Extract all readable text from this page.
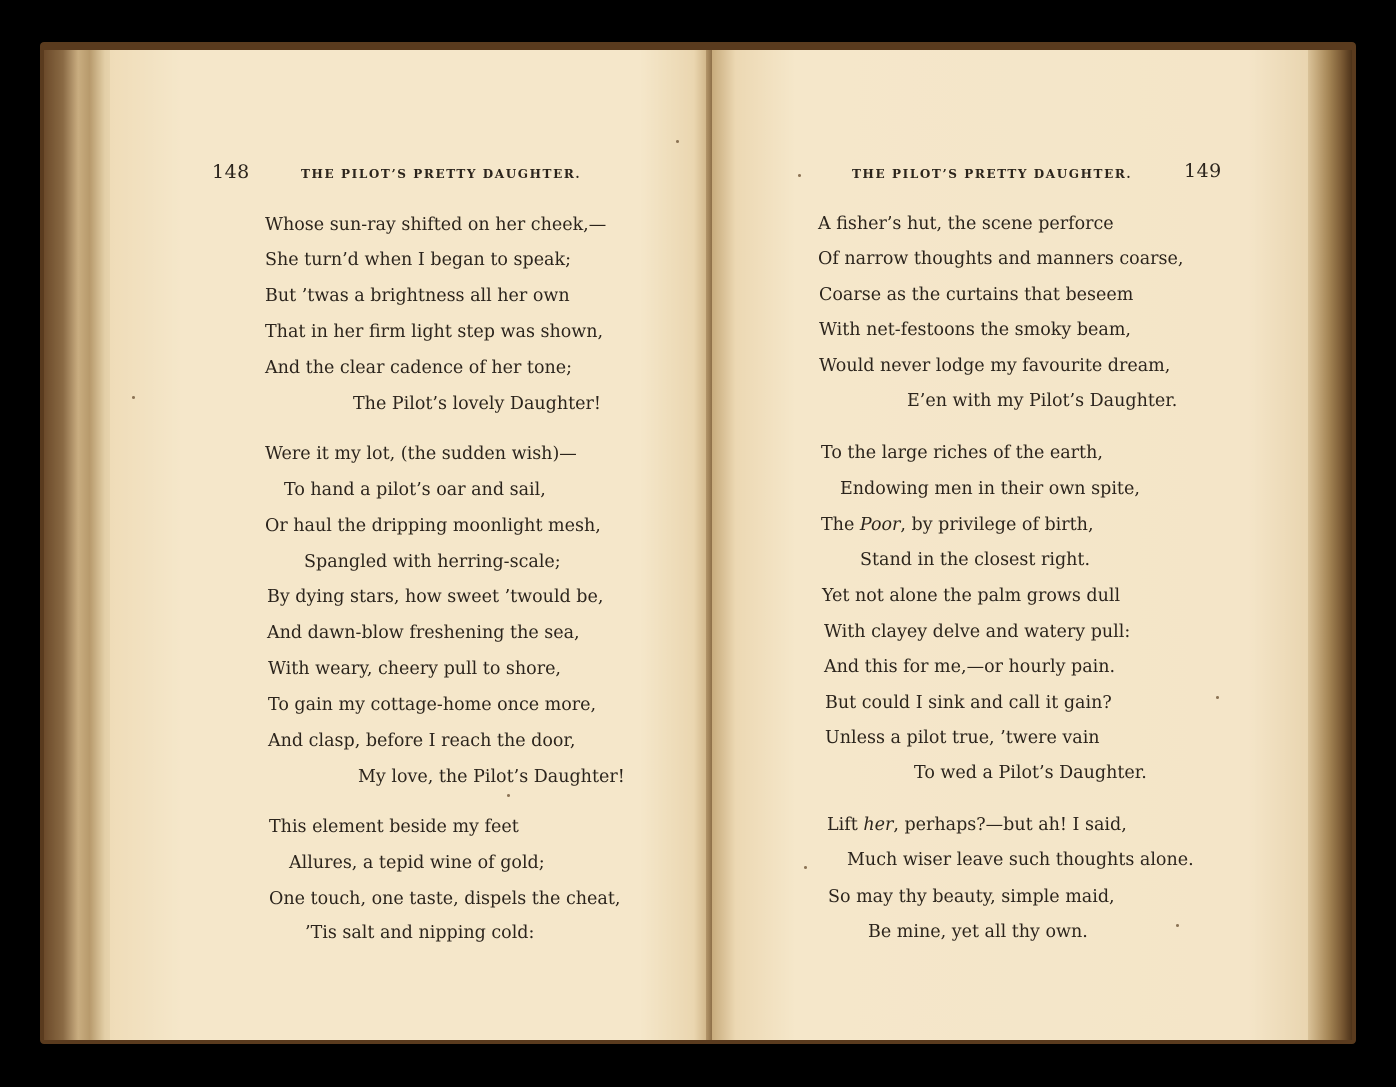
148	THE PILOT’S PRETTY DAUGHTER.
Whose sun-ray shifted on her cheek,—
She turn’d when I began to speak;
But ’twas a brightness all her own
That in her firm light step was shown,
And the clear cadence of her tone;
The Pilot’s lovely Daughter!
Were it my lot, (the sudden wish)—
To hand a pilot’s oar and sail,
Or haul the dripping moonlight mesh,
Spangled with herring-scale;
By dying stars, how sweet ’twould be,
And dawn-blow freshening the sea,
With weary, cheery pull to shore,
To gain my cottage-home once more,
And clasp, before I reach the door,
My love, the Pilot’s Daughter!
This element beside my feet
Allures, a tepid wine of gold;
One touch, one taste, dispels the cheat,
’Tis salt and nipping cold:
THE PILOT’S PRETTY DAUGHTER.	149
A fisher’s hut, the scene perforce
Of narrow thoughts and manners coarse,
Coarse as the curtains that beseem
With net-festoons the smoky beam,
Would never lodge my favourite dream,
E’en with my Pilot’s Daughter.
To the large riches of the earth,
Endowing men in their own spite,
The Poor, by privilege of birth,
Stand in the closest right.
Yet not alone the palm grows dull
With clayey delve and watery pull:
And this for me,—or hourly pain.
But could I sink and call it gain?
Unless a pilot true, ’twere vain
To wed a Pilot’s Daughter.
Lift her, perhaps?—but ah! I said,
Much wiser leave such thoughts alone.
So may thy beauty, simple maid,
Be mine, yet all thy own.
